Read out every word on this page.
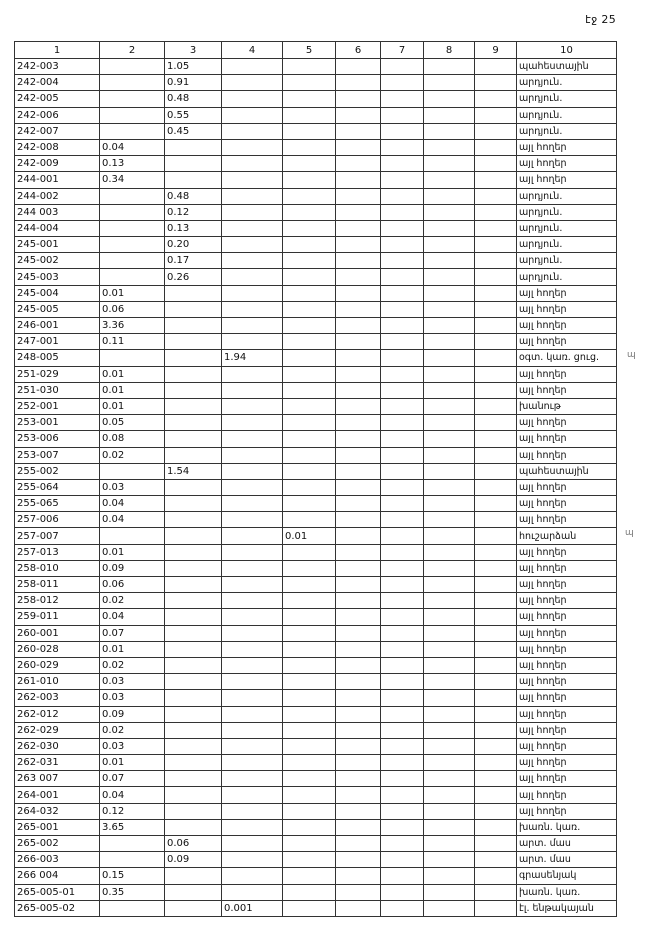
էջ 25
1	2	3	4	5	6	7	8	9	10
242-003		1.05							պահեստային
242-004		0.91							արդյուն.
242-005		0.48							արդյուն.
242-006		0.55							արդյուն.
242-007		0.45							արդյուն.
242-008	0.04								այլ հողեր
242-009	0.13								այլ հողեր
244-001	0.34								այլ հողեր
244-002		0.48							արդյուն.
244 003		0.12							արդյուն.
244-004		0.13							արդյուն.
245-001		0.20							արդյուն.
245-002		0.17							արդյուն.
245-003		0.26							արդյուն.
245-004	0.01								այլ հողեր
245-005	0.06								այլ հողեր
246-001	3.36								այլ հողեր
247-001	0.11								այլ հողեր
248-005			1.94						օգտ. կառ. ցուց.
251-029	0.01								այլ հողեր
251-030	0.01								այլ հողեր
252-001	0.01								խանութ
253-001	0.05								այլ հողեր
253-006	0.08								այլ հողեր
253-007	0.02								այլ հողեր
255-002		1.54							պահեստային
255-064	0.03								այլ հողեր
255-065	0.04								այլ հողեր
257-006	0.04								այլ հողեր
257-007				0.01					հուշարձան
257-013	0.01								այլ հողեր
258-010	0.09								այլ հողեր
258-011	0.06								այլ հողեր
258-012	0.02								այլ հողեր
259-011	0.04								այլ հողեր
260-001	0.07								այլ հողեր
260-028	0.01								այլ հողեր
260-029	0.02								այլ հողեր
261-010	0.03								այլ հողեր
262-003	0.03								այլ հողեր
262-012	0.09								այլ հողեր
262-029	0.02								այլ հողեր
262-030	0.03								այլ հողեր
262-031	0.01								այլ հողեր
263 007	0.07								այլ հողեր
264-001	0.04								այլ հողեր
264-032	0.12								այլ հողեր
265-001	3.65								խառն. կառ.
265-002		0.06							արտ. մաս
266-003		0.09							արտ. մաս
266 004	0.15								գրասենյակ
265-005-01	0.35								խառն. կառ.
265-005-02			0.001						էլ. ենթակայան
պ
պ
